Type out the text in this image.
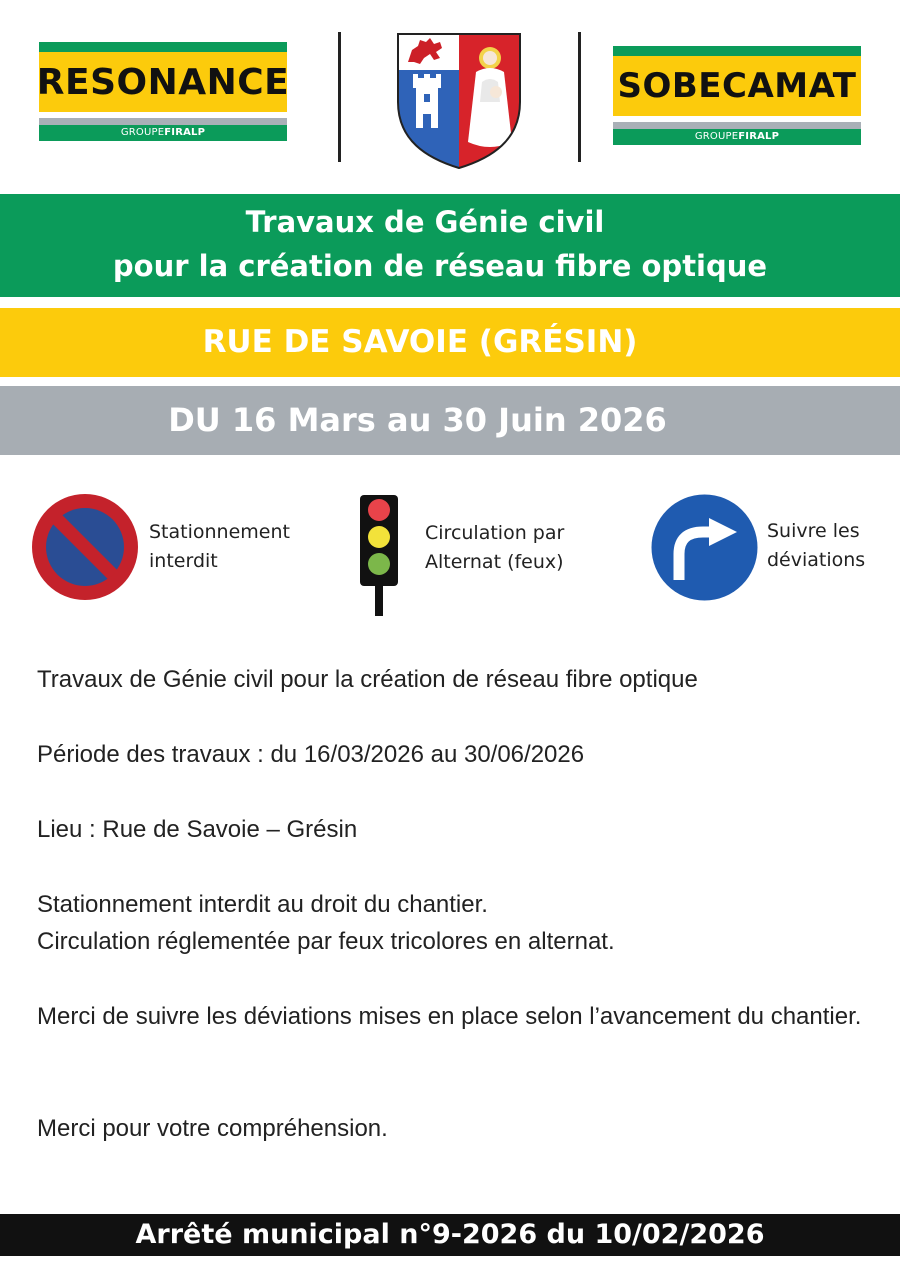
RESONANCE
GROUPEFIRALP
SOBECAMAT
GROUPEFIRALP
Travaux de Génie civil
pour la création de réseau fibre optique
RUE DE SAVOIE (GRÉSIN)
DU 16 Mars au 30 Juin 2026
Stationnement
interdit
Circulation par
Alternat (feux)
Suivre les
déviations

Travaux de Génie civil pour la création de réseau fibre optique

Période des travaux : du 16/03/2026 au 30/06/2026

Lieu : Rue de Savoie – Grésin

Stationnement interdit au droit du chantier.

Circulation réglementée par feux tricolores en alternat.

Merci de suivre les déviations mises en place selon l’avancement du chantier.

Merci pour votre compréhension.

Arrêté municipal n°9-2026 du 10/02/2026
